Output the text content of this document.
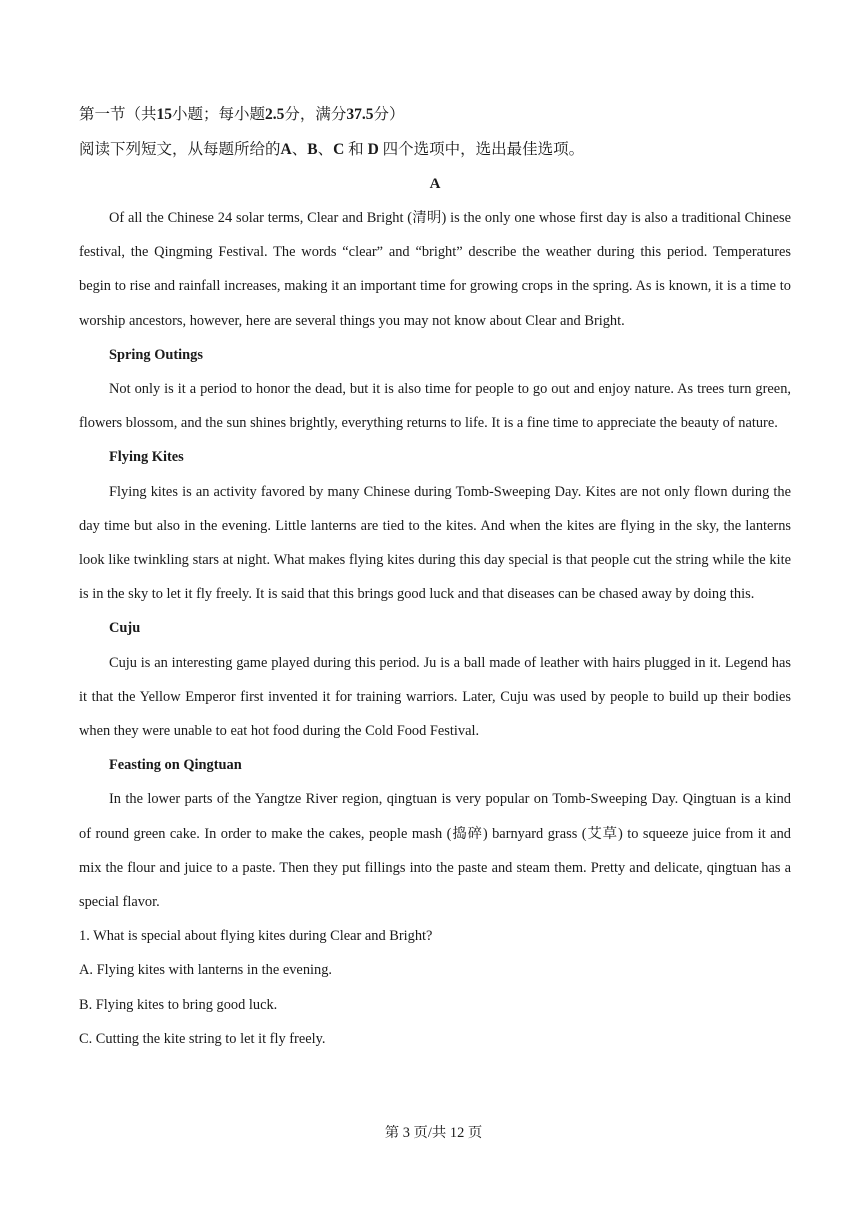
第一节（共15小题；每小题2.5分，满分37.5分）

阅读下列短文，从每题所给的A、B、C 和 D 四个选项中，选出最佳选项。

A

Of all the Chinese 24 solar terms, Clear and Bright (清明) is the only one whose first day is also a traditional Chinese festival, the Qingming Festival. The words “clear” and “bright” describe the weather during this period. Temperatures begin to rise and rainfall increases, making it an important time for growing crops in the spring. As is known, it is a time to worship ancestors, however, here are several things you may not know about Clear and Bright.

Spring Outings

Not only is it a period to honor the dead, but it is also time for people to go out and enjoy nature. As trees turn green, flowers blossom, and the sun shines brightly, everything returns to life. It is a fine time to appreciate the beauty of nature.

Flying Kites

Flying kites is an activity favored by many Chinese during Tomb-Sweeping Day. Kites are not only flown during the day time but also in the evening. Little lanterns are tied to the kites. And when the kites are flying in the sky, the lanterns look like twinkling stars at night. What makes flying kites during this day special is that people cut the string while the kite is in the sky to let it fly freely. It is said that this brings good luck and that diseases can be chased away by doing this.

Cuju

Cuju is an interesting game played during this period. Ju is a ball made of leather with hairs plugged in it. Legend has it that the Yellow Emperor first invented it for training warriors. Later, Cuju was used by people to build up their bodies when they were unable to eat hot food during the Cold Food Festival.

Feasting on Qingtuan

In the lower parts of the Yangtze River region, qingtuan is very popular on Tomb-Sweeping Day. Qingtuan is a kind of round green cake. In order to make the cakes, people mash (捣碎) barnyard grass (艾草) to squeeze juice from it and mix the flour and juice to a paste. Then they put fillings into the paste and steam them. Pretty and delicate, qingtuan has a special flavor.

1. What is special about flying kites during Clear and Bright?

A. Flying kites with lanterns in the evening.

B. Flying kites to bring good luck.

C. Cutting the kite string to let it fly freely.

第 3 页/共 12 页
